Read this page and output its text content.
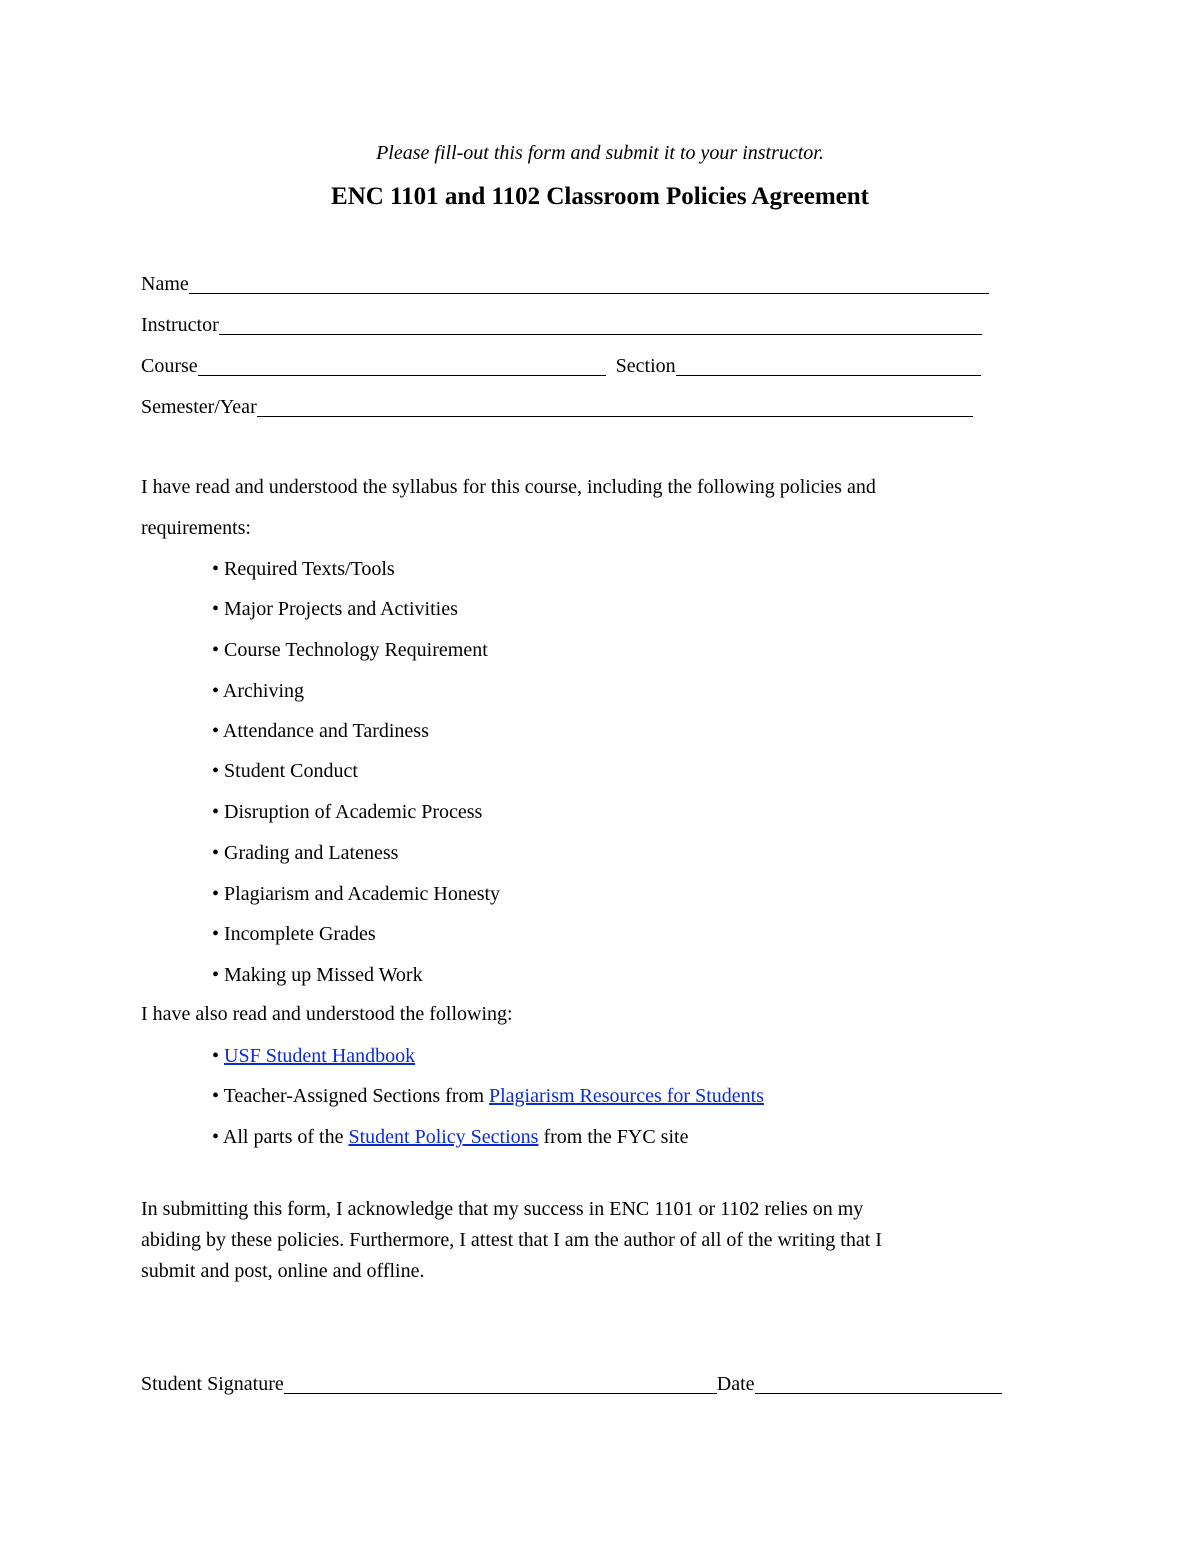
Please fill-out this form and submit it to your instructor.
ENC 1101 and 1102 Classroom Policies Agreement
Name
Instructor
Course	Section
Semester/Year
I have read and understood the syllabus for this course, including the following policies and
requirements:
• Required Texts/Tools
• Major Projects and Activities
• Course Technology Requirement
• Archiving
• Attendance and Tardiness
• Student Conduct
• Disruption of Academic Process
• Grading and Lateness
• Plagiarism and Academic Honesty
• Incomplete Grades
• Making up Missed Work
I have also read and understood the following:
• USF Student Handbook
• Teacher-Assigned Sections from Plagiarism Resources for Students
• All parts of the Student Policy Sections from the FYC site
In submitting this form, I acknowledge that my success in ENC 1101 or 1102 relies on my
abiding by these policies. Furthermore, I attest that I am the author of all of the writing that I
submit and post, online and offline.
Student Signature	Date
